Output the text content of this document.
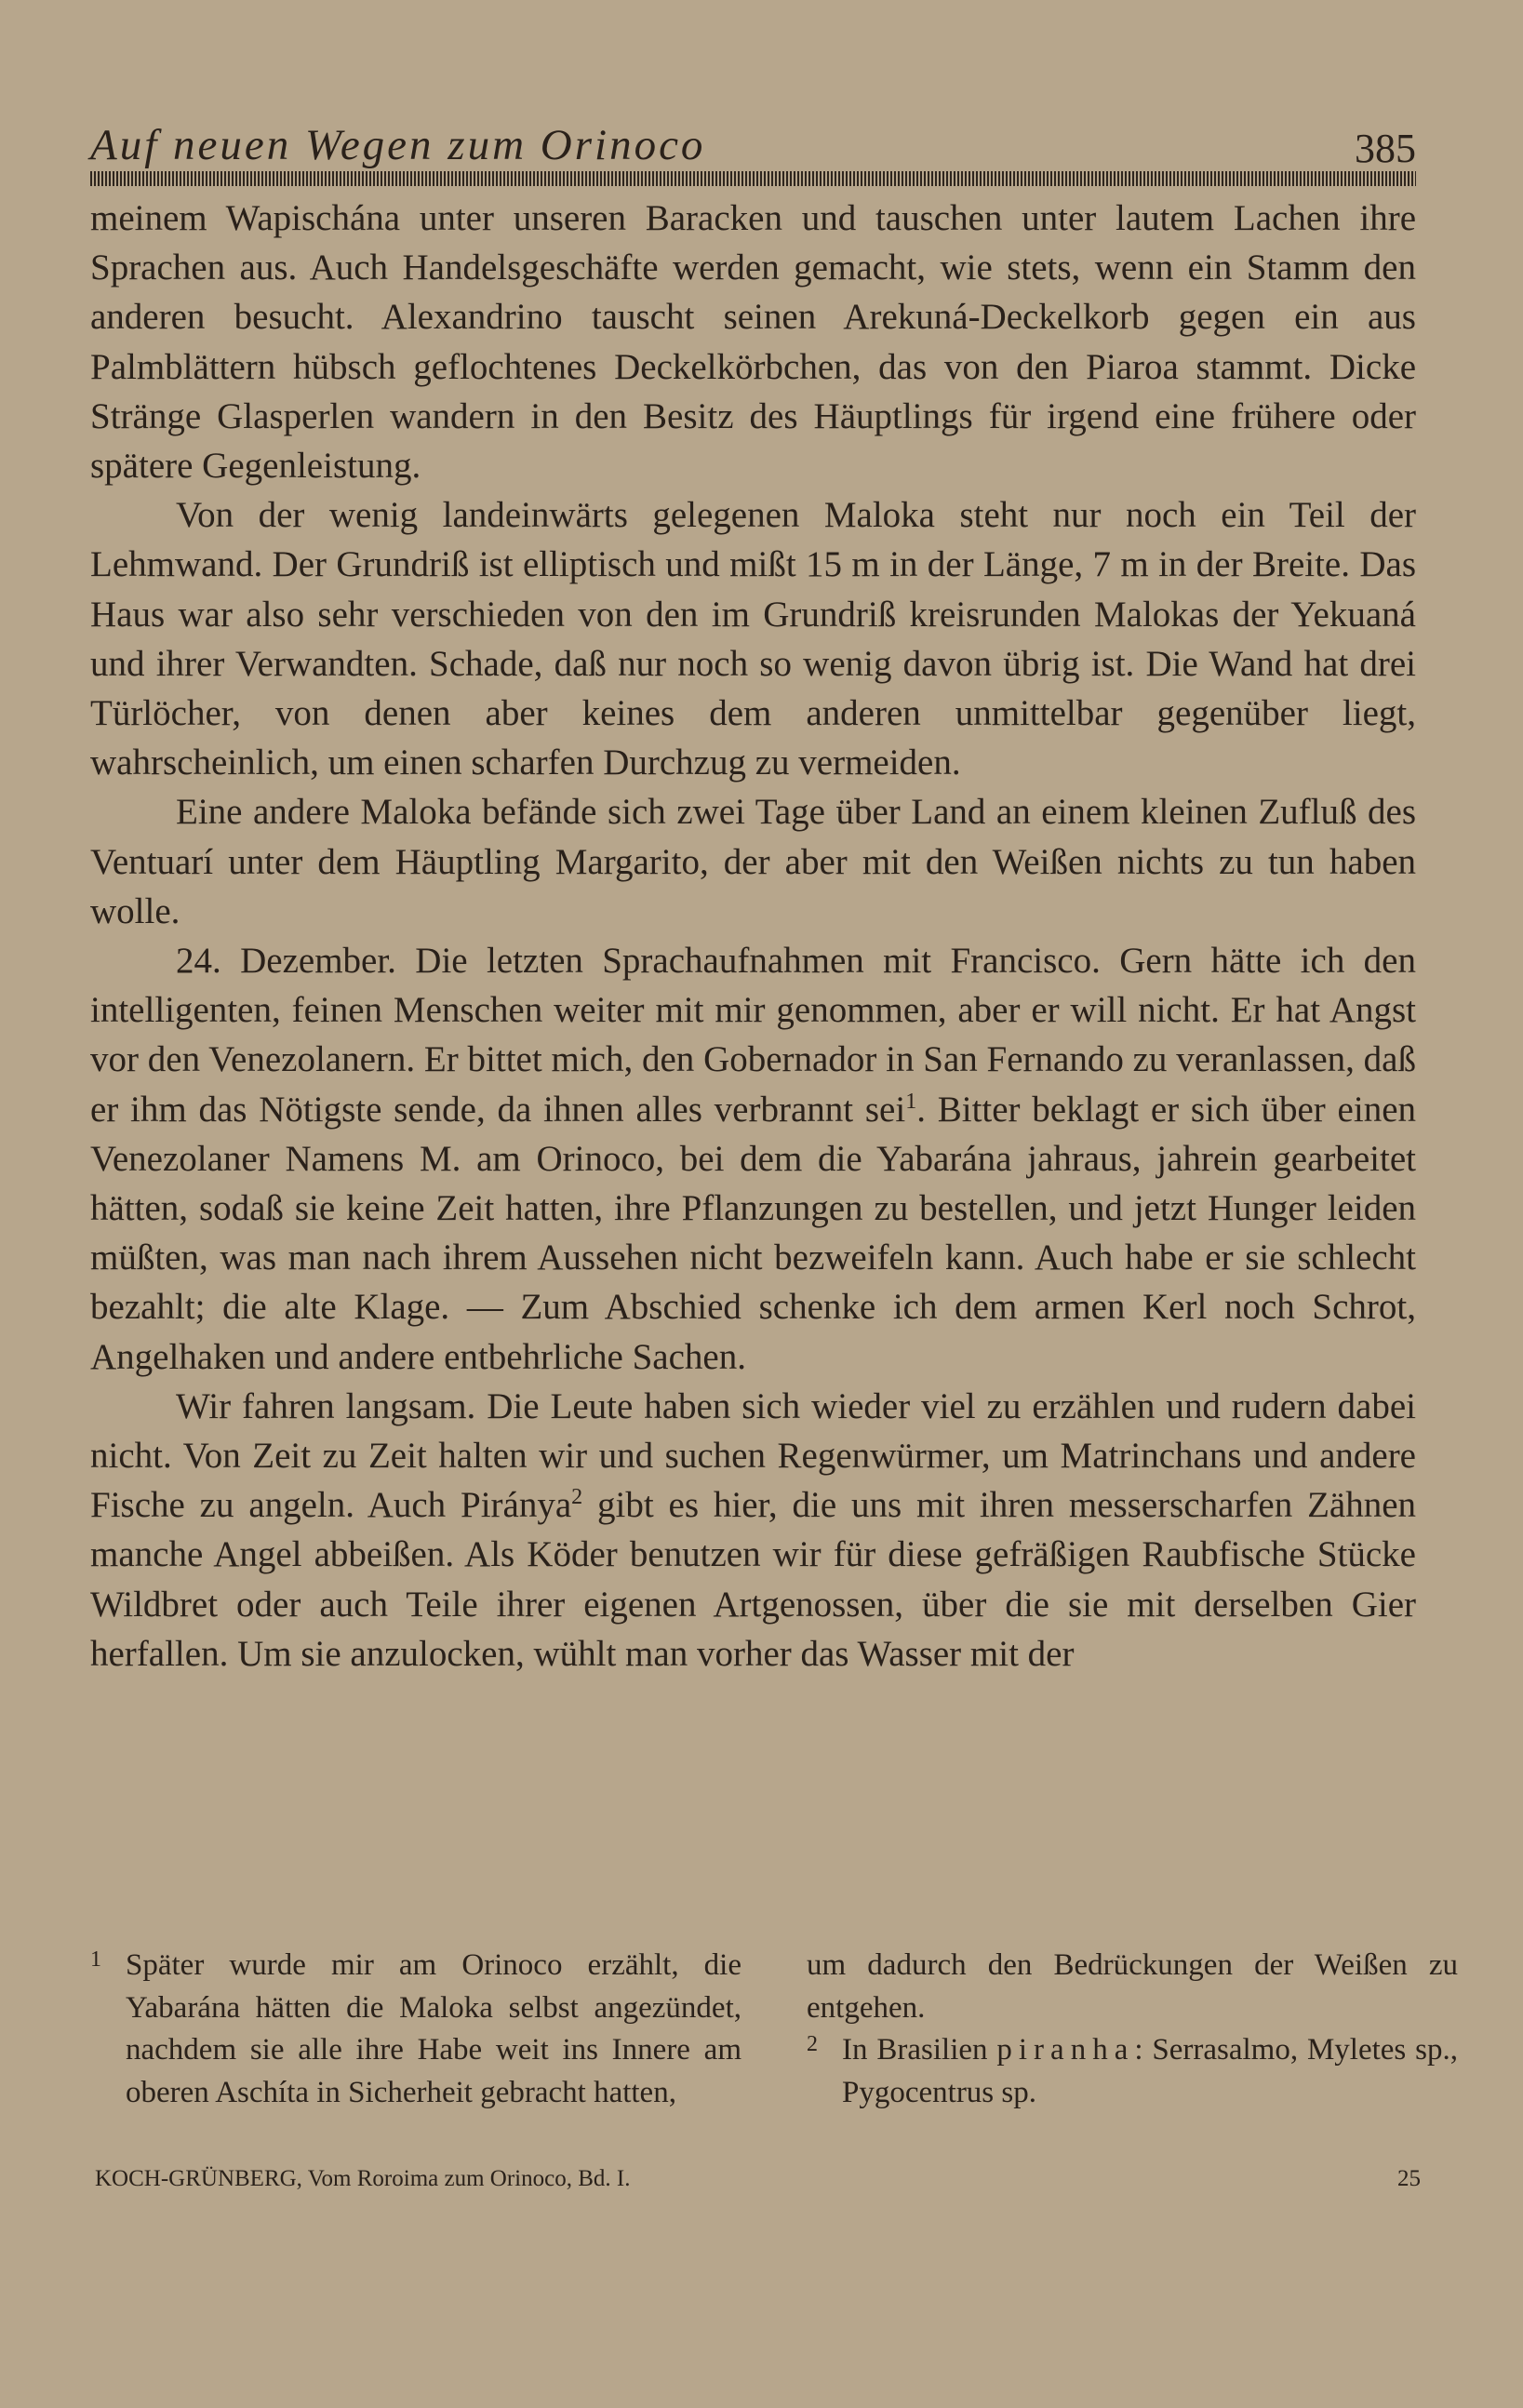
Auf neuen Wegen zum Orinoco	385

meinem Wapischána unter unseren Baracken und tauschen unter lautem Lachen ihre Sprachen aus. Auch Handelsgeschäfte werden gemacht, wie stets, wenn ein Stamm den anderen besucht. Alexandrino tauscht seinen Arekuná-Deckelkorb gegen ein aus Palmblättern hübsch geflochtenes Deckelkörbchen, das von den Piaroa stammt. Dicke Stränge Glasperlen wandern in den Besitz des Häuptlings für irgend eine frühere oder spätere Gegenleistung.

Von der wenig landeinwärts gelegenen Maloka steht nur noch ein Teil der Lehmwand. Der Grundriß ist elliptisch und mißt 15 m in der Länge, 7 m in der Breite. Das Haus war also sehr verschieden von den im Grundriß kreisrunden Malokas der Yekuaná und ihrer Verwandten. Schade, daß nur noch so wenig davon übrig ist. Die Wand hat drei Türlöcher, von denen aber keines dem anderen unmittelbar gegenüber liegt, wahrscheinlich, um einen scharfen Durchzug zu vermeiden.

Eine andere Maloka befände sich zwei Tage über Land an einem kleinen Zufluß des Ventuarí unter dem Häuptling Margarito, der aber mit den Weißen nichts zu tun haben wolle.

24. Dezember. Die letzten Sprachaufnahmen mit Francisco. Gern hätte ich den intelligenten, feinen Menschen weiter mit mir genommen, aber er will nicht. Er hat Angst vor den Venezolanern. Er bittet mich, den Gobernador in San Fernando zu veranlassen, daß er ihm das Nötigste sende, da ihnen alles verbrannt sei$^1$. Bitter beklagt er sich über einen Venezolaner Namens M. am Orinoco, bei dem die Yabarána jahraus, jahrein gearbeitet hätten, sodaß sie keine Zeit hatten, ihre Pflanzungen zu bestellen, und jetzt Hunger leiden müßten, was man nach ihrem Aussehen nicht bezweifeln kann. Auch habe er sie schlecht bezahlt; die alte Klage. — Zum Abschied schenke ich dem armen Kerl noch Schrot, Angelhaken und andere entbehrliche Sachen.

Wir fahren langsam. Die Leute haben sich wieder viel zu erzählen und rudern dabei nicht. Von Zeit zu Zeit halten wir und suchen Regenwürmer, um Matrinchans und andere Fische zu angeln. Auch Piránya$^2$ gibt es hier, die uns mit ihren messerscharfen Zähnen manche Angel abbeißen. Als Köder benutzen wir für diese gefräßigen Raubfische Stücke Wildbret oder auch Teile ihrer eigenen Artgenossen, über die sie mit derselben Gier herfallen. Um sie anzulocken, wühlt man vorher das Wasser mit der

1 Später wurde mir am Orinoco erzählt, die Yabarána hätten die Maloka selbst angezündet, nachdem sie alle ihre Habe weit ins Innere am oberen Aschíta in Sicherheit gebracht hatten,
um dadurch den Bedrückungen der Weißen zu entgehen.
2 In Brasilien piranha: Serrasalmo, Myletes sp., Pygocentrus sp.
KOCH-GRÜNBERG, Vom Roroima zum Orinoco, Bd. I.	25
